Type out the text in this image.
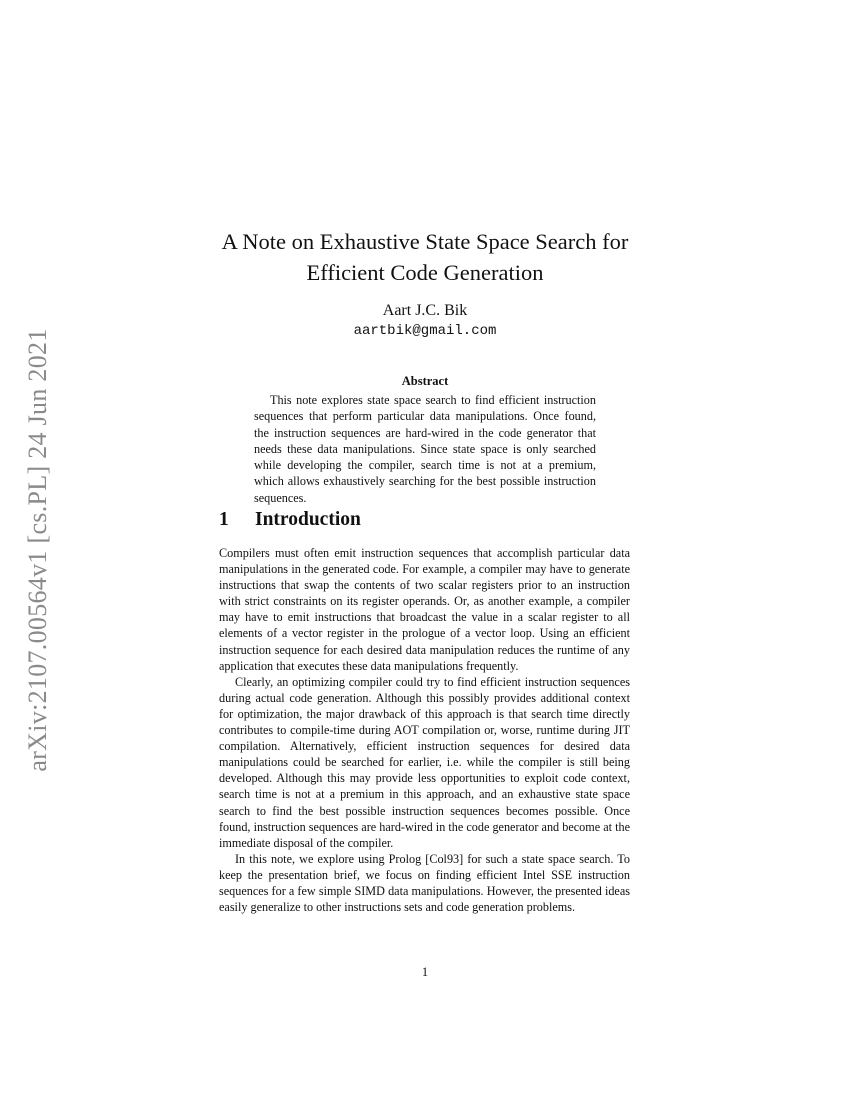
arXiv:2107.00564v1 [cs.PL] 24 Jun 2021
A Note on Exhaustive State Space Search for
Efficient Code Generation
Aart J.C. Bik
aartbik@gmail.com
Abstract

This note explores state space search to find efficient instruction sequences that perform particular data manipulations. Once found, the instruction sequences are hard-wired in the code generator that needs these data manipulations. Since state space is only searched while developing the compiler, search time is not at a premium, which allows exhaustively searching for the best possible instruction sequences.

1 Introduction

Compilers must often emit instruction sequences that accomplish particular data manipulations in the generated code. For example, a compiler may have to generate instructions that swap the contents of two scalar registers prior to an instruction with strict constraints on its register operands. Or, as another example, a compiler may have to emit instructions that broadcast the value in a scalar register to all elements of a vector register in the prologue of a vector loop. Using an efficient instruction sequence for each desired data manipulation reduces the runtime of any application that executes these data manipulations frequently.

Clearly, an optimizing compiler could try to find efficient instruction sequences during actual code generation. Although this possibly provides additional context for optimization, the major drawback of this approach is that search time directly contributes to compile-time during AOT compilation or, worse, runtime during JIT compilation. Alternatively, efficient instruction sequences for desired data manipulations could be searched for earlier, i.e. while the compiler is still being developed. Although this may provide less opportunities to exploit code context, search time is not at a premium in this approach, and an exhaustive state space search to find the best possible instruction sequences becomes possible. Once found, instruction sequences are hard-wired in the code generator and become at the immediate disposal of the compiler.

In this note, we explore using Prolog [Col93] for such a state space search. To keep the presentation brief, we focus on finding efficient Intel SSE instruction sequences for a few simple SIMD data manipulations. However, the presented ideas easily generalize to other instructions sets and code generation problems.

1
